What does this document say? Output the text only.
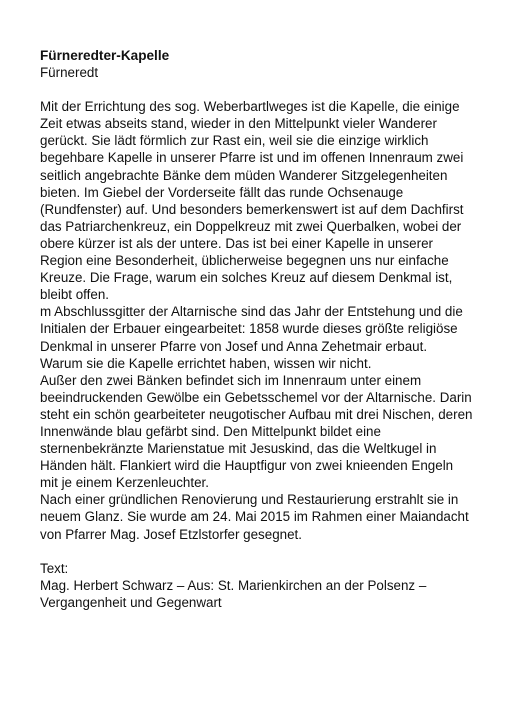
Fürneredter-Kapelle
Fürneredt
Mit der Errichtung des sog. Weberbartlweges ist die Kapelle, die einige
Zeit etwas abseits stand, wieder in den Mittelpunkt vieler Wanderer
gerückt. Sie lädt förmlich zur Rast ein, weil sie die einzige wirklich
begehbare Kapelle in unserer Pfarre ist und im offenen Innenraum zwei
seitlich angebrachte Bänke dem müden Wanderer Sitzgelegenheiten
bieten. Im Giebel der Vorderseite fällt das runde Ochsenauge
(Rundfenster) auf. Und besonders bemerkenswert ist auf dem Dachfirst
das Patriarchenkreuz, ein Doppelkreuz mit zwei Querbalken, wobei der
obere kürzer ist als der untere. Das ist bei einer Kapelle in unserer
Region eine Besonderheit, üblicherweise begegnen uns nur einfache
Kreuze. Die Frage, warum ein solches Kreuz auf diesem Denkmal ist,
bleibt offen.
m Abschlussgitter der Altarnische sind das Jahr der Entstehung und die
Initialen der Erbauer eingearbeitet: 1858 wurde dieses größte religiöse
Denkmal in unserer Pfarre von Josef und Anna Zehetmair erbaut.
Warum sie die Kapelle errichtet haben, wissen wir nicht.
Außer den zwei Bänken befindet sich im Innenraum unter einem
beeindruckenden Gewölbe ein Gebetsschemel vor der Altarnische. Darin
steht ein schön gearbeiteter neugotischer Aufbau mit drei Nischen, deren
Innenwände blau gefärbt sind. Den Mittelpunkt bildet eine
sternenbekränzte Marienstatue mit Jesuskind, das die Weltkugel in
Händen hält. Flankiert wird die Hauptfigur von zwei knieenden Engeln
mit je einem Kerzenleuchter.
Nach einer gründlichen Renovierung und Restaurierung erstrahlt sie in
neuem Glanz. Sie wurde am 24. Mai 2015 im Rahmen einer Maiandacht
von Pfarrer Mag. Josef Etzlstorfer gesegnet.
Text:
Mag. Herbert Schwarz – Aus: St. Marienkirchen an der Polsenz –
Vergangenheit und Gegenwart
